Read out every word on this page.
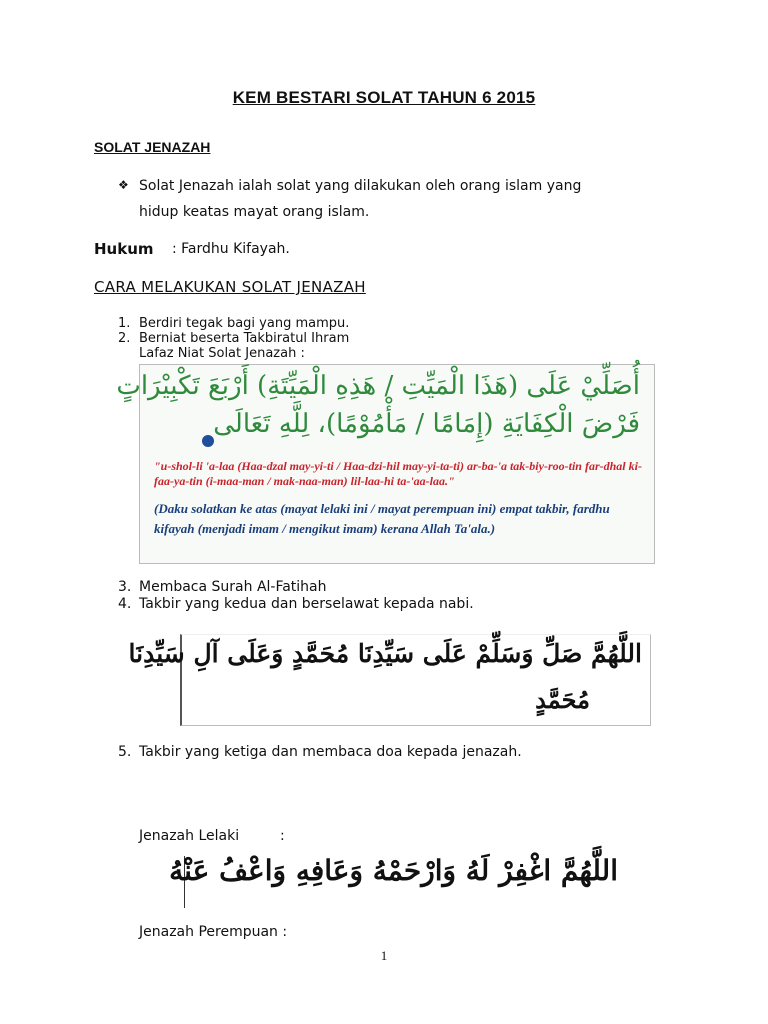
KEM BESTARI SOLAT TAHUN 6 2015
SOLAT JENAZAH
❖ Solat Jenazah ialah solat yang dilakukan oleh orang islam yang
hidup keatas mayat orang islam.
Hukum : Fardhu Kifayah.
CARA MELAKUKAN SOLAT JENAZAH
1. Berdiri tegak bagi yang mampu.
2. Berniat beserta Takbiratul Ihram
Lafaz Niat Solat Jenazah :
أُصَلِّيْ عَلَى (هَذَا الْمَيِّتِ / هَذِهِ الْمَيِّتَةِ) أَرْبَعَ تَكْبِيْرَاتٍ
فَرْضَ الْكِفَايَةِ (إِمَامًا / مَأْمُوْمًا)، لِلَّهِ تَعَالَى
"u-shol-li 'a-laa (Haa-dzal may-yi-ti / Haa-dzi-hil may-yi-ta-ti) ar-ba-'a tak-biy-roo-tin far-dhal ki-faa-ya-tin (i-maa-man / mak-naa-man) lil-laa-hi ta-'aa-laa."
(Daku solatkan ke atas (mayat lelaki ini / mayat perempuan ini) empat takbir, fardhu kifayah (menjadi imam / mengikut imam) kerana Allah Ta'ala.)
3. Membaca Surah Al-Fatihah
4. Takbir yang kedua dan berselawat kepada nabi.
اللَّهُمَّ صَلِّ وَسَلِّمْ عَلَى سَيِّدِنَا مُحَمَّدٍ وَعَلَى آلِ سَيِّدِنَا
مُحَمَّدٍ
5. Takbir yang ketiga dan membaca doa kepada jenazah.
Jenazah Lelaki	:
اللَّهُمَّ اغْفِرْ لَهُ وَارْحَمْهُ وَعَافِهِ وَاعْفُ عَنْهُ
Jenazah Perempuan :
1
